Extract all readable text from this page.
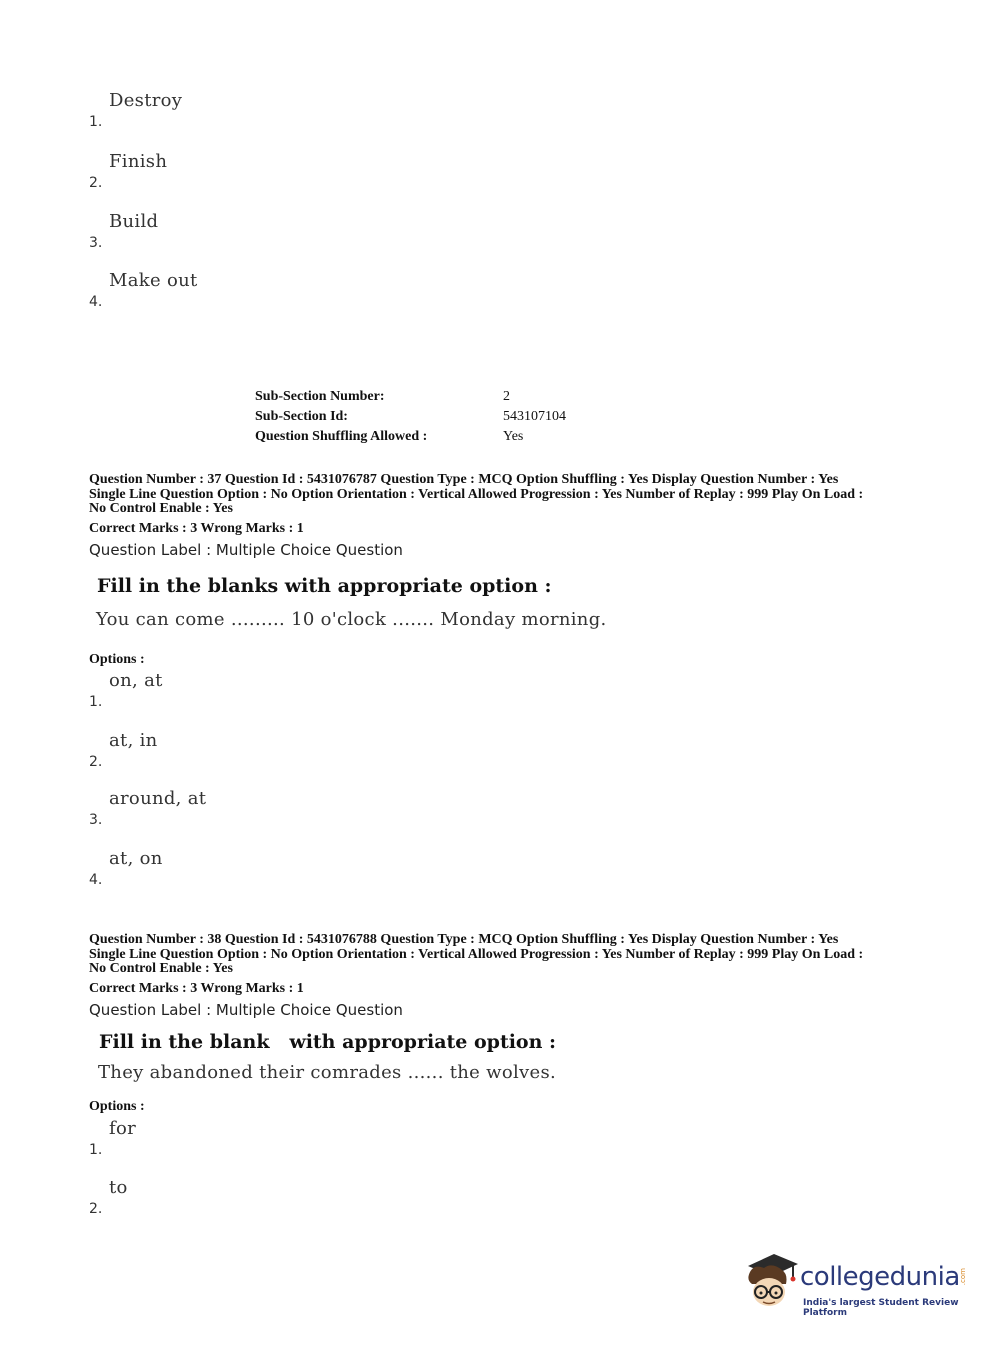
1.
Destroy
2.
Finish
3.
Build
4.
Make out
Sub-Section Number:	2
Sub-Section Id:	543107104
Question Shuffling Allowed :	Yes
Question Number : 37 Question Id : 5431076787 Question Type : MCQ Option Shuffling : Yes Display Question Number : Yes
Single Line Question Option : No Option Orientation : Vertical Allowed Progression : Yes Number of Replay : 999 Play On Load :
No Control Enable : Yes
Correct Marks : 3 Wrong Marks : 1
Question Label : Multiple Choice Question
Fill in the blanks with appropriate option :
You can come ......... 10 o'clock ....... Monday morning.
Options :
1.
on, at
2.
at, in
3.
around, at
4.
at, on
Question Number : 38 Question Id : 5431076788 Question Type : MCQ Option Shuffling : Yes Display Question Number : Yes
Single Line Question Option : No Option Orientation : Vertical Allowed Progression : Yes Number of Replay : 999 Play On Load :
No Control Enable : Yes
Correct Marks : 3 Wrong Marks : 1
Question Label : Multiple Choice Question
Fill in the blank   with appropriate option :
They abandoned their comrades ...... the wolves.
Options :
1.
for
2.
to
collegedunia .com
India's largest Student Review Platform
